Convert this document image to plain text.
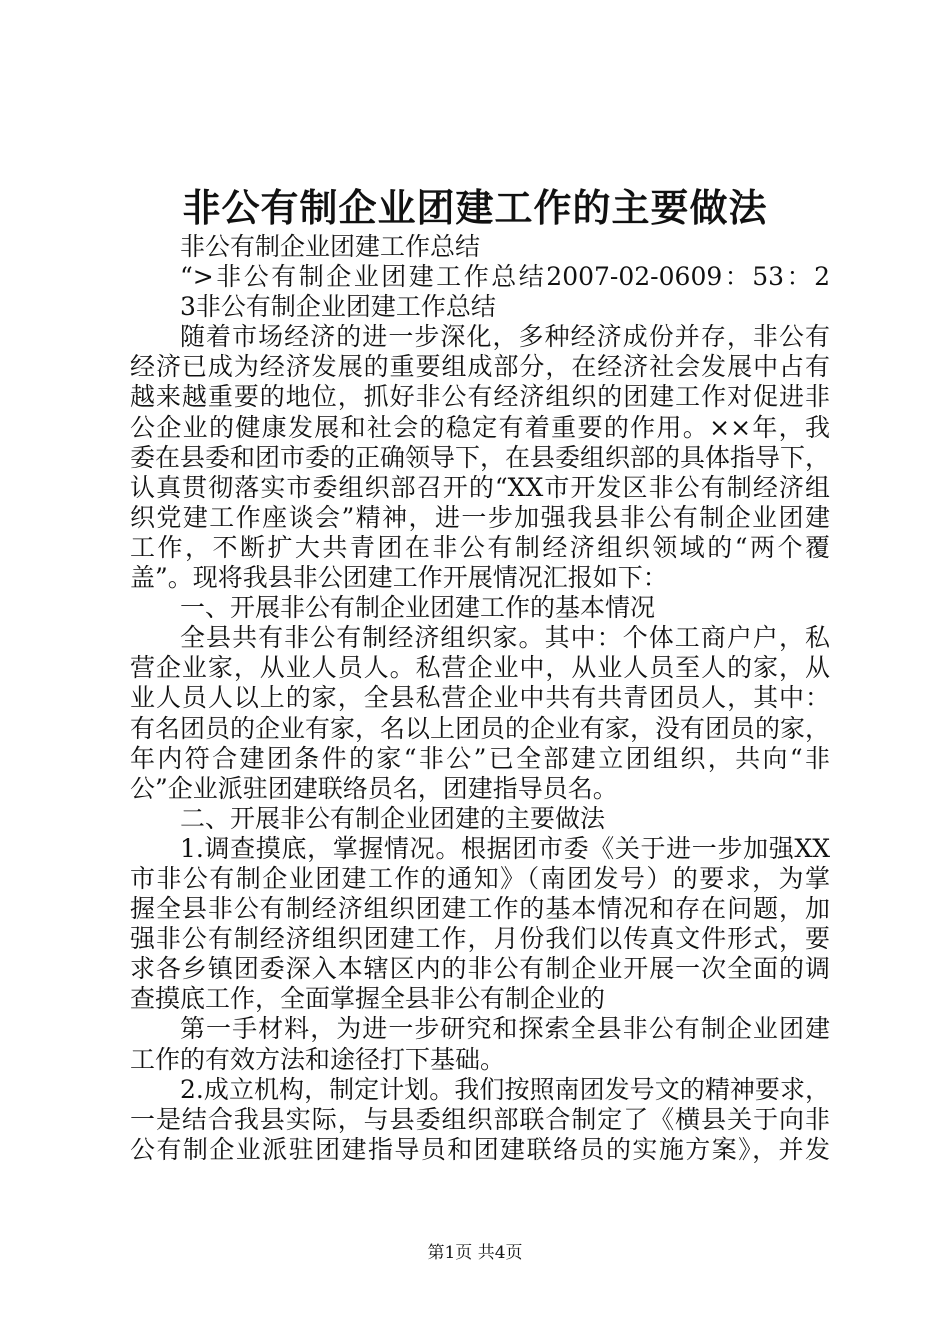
非公有制企业团建工作的主要做法
非公有制企业团建工作总结
“>非公有制企业团建工作总结2007-02-0609：53：2
3非公有制企业团建工作总结
随着市场经济的进一步深化，多种经济成份并存，非公有
经济已成为经济发展的重要组成部分，在经济社会发展中占有
越来越重要的地位，抓好非公有经济组织的团建工作对促进非
公企业的健康发展和社会的稳定有着重要的作用。××年，我
委在县委和团市委的正确领导下，在县委组织部的具体指导下，
认真贯彻落实市委组织部召开的“XX市开发区非公有制经济组
织党建工作座谈会”精神，进一步加强我县非公有制企业团建
工作，不断扩大共青团在非公有制经济组织领域的“两个覆
盖”。现将我县非公团建工作开展情况汇报如下：
一、开展非公有制企业团建工作的基本情况
全县共有非公有制经济组织家。其中：个体工商户户，私
营企业家，从业人员人。私营企业中，从业人员至人的家，从
业人员人以上的家，全县私营企业中共有共青团员人，其中：
有名团员的企业有家，名以上团员的企业有家，没有团员的家，
年内符合建团条件的家“非公”已全部建立团组织，共向“非
公”企业派驻团建联络员名，团建指导员名。
二、开展非公有制企业团建的主要做法
1.调查摸底，掌握情况。根据团市委《关于进一步加强XX
市非公有制企业团建工作的通知》（南团发号）的要求，为掌
握全县非公有制经济组织团建工作的基本情况和存在问题，加
强非公有制经济组织团建工作，月份我们以传真文件形式，要
求各乡镇团委深入本辖区内的非公有制企业开展一次全面的调
查摸底工作，全面掌握全县非公有制企业的
第一手材料，为进一步研究和探索全县非公有制企业团建
工作的有效方法和途径打下基础。
2.成立机构，制定计划。我们按照南团发号文的精神要求，
一是结合我县实际，与县委组织部联合制定了《横县关于向非
公有制企业派驻团建指导员和团建联络员的实施方案》，并发
第1页 共4页
